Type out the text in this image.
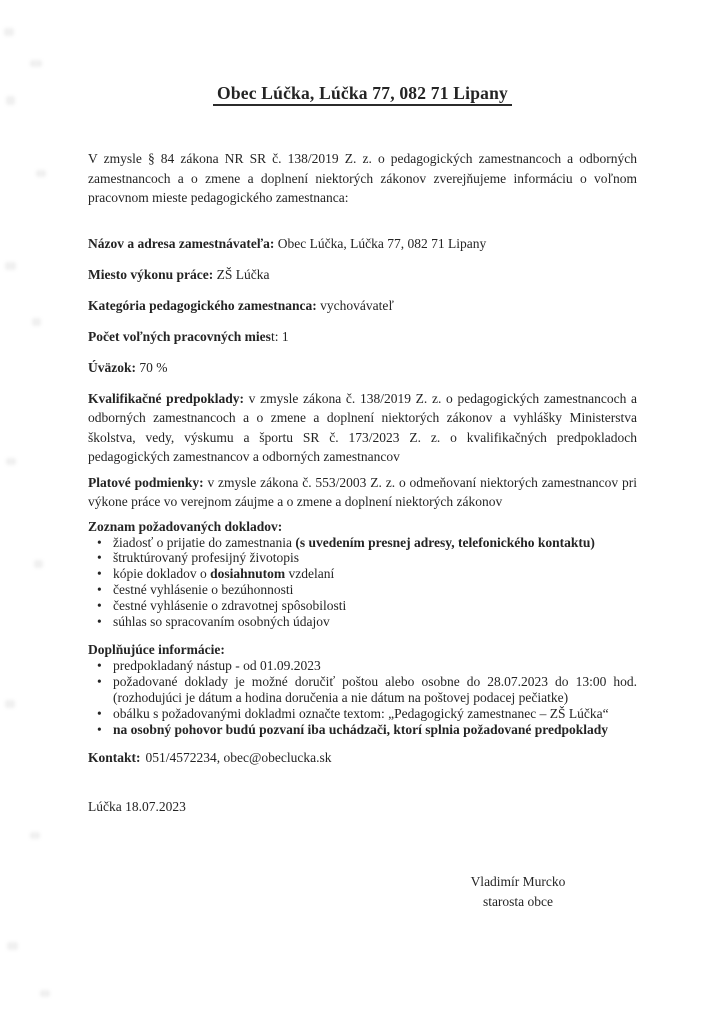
Obec Lúčka, Lúčka 77, 082 71 Lipany

V zmysle § 84 zákona NR SR č. 138/2019 Z. z. o pedagogických zamestnancoch a odborných zamestnancoch a o zmene a doplnení niektorých zákonov zverejňujeme informáciu o voľnom pracovnom mieste pedagogického zamestnanca:

Názov a adresa zamestnávateľa: Obec Lúčka, Lúčka 77, 082 71 Lipany

Miesto výkonu práce: ZŠ Lúčka

Kategória pedagogického zamestnanca: vychovávateľ

Počet voľných pracovných miest: 1

Úväzok: 70 %

Kvalifikačné predpoklady: v zmysle zákona č. 138/2019 Z. z. o pedagogických zamestnancoch a odborných zamestnancoch a o zmene a doplnení niektorých zákonov a vyhlášky Ministerstva školstva, vedy, výskumu a športu SR č. 173/2023 Z. z. o kvalifikačných predpokladoch pedagogických zamestnancov a odborných zamestnancov

Platové podmienky: v zmysle zákona č. 553/2003 Z. z. o odmeňovaní niektorých zamestnancov pri výkone práce vo verejnom záujme a o zmene a doplnení niektorých zákonov

Zoznam požadovaných dokladov:

• žiadosť o prijatie do zamestnania (s uvedením presnej adresy, telefonického kontaktu)
• štruktúrovaný profesijný životopis
• kópie dokladov o dosiahnutom vzdelaní
• čestné vyhlásenie o bezúhonnosti
• čestné vyhlásenie o zdravotnej spôsobilosti
• súhlas so spracovaním osobných údajov

Doplňujúce informácie:

• predpokladaný nástup - od 01.09.2023
• požadované doklady je možné doručiť poštou alebo osobne do 28.07.2023 do 13:00 hod. (rozhodujúci je dátum a hodina doručenia a nie dátum na poštovej podacej pečiatke)
• obálku s požadovanými dokladmi označte textom: „Pedagogický zamestnanec – ZŠ Lúčka“
• na osobný pohovor budú pozvaní iba uchádzači, ktorí splnia požadované predpoklady

Kontakt: 051/4572234, obec@obeclucka.sk

Lúčka 18.07.2023

Vladimír Murcko
starosta obce
